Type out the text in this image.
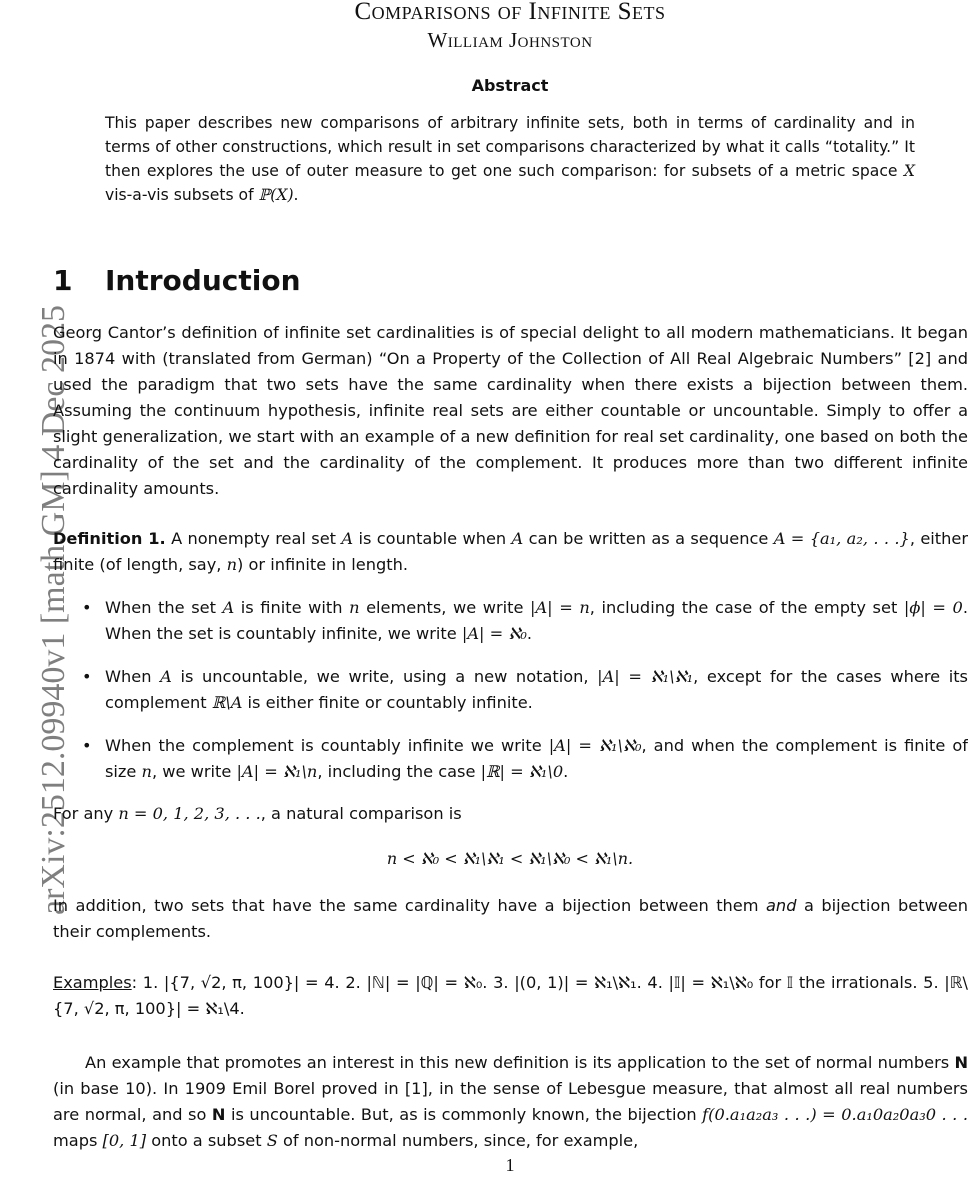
Comparisons of Infinite Sets
William Johnston
Abstract
This paper describes new comparisons of arbitrary infinite sets, both in terms of cardinality and in terms of other constructions, which result in set comparisons characterized by what it calls “totality.” It then explores the use of outer measure to get one such comparison: for subsets of a metric space X vis-a-vis subsets of ℙ(X).
arXiv:2512.09940v1 [math.GM] 4 Dec 2025
1 Introduction
Georg Cantor’s definition of infinite set cardinalities is of special delight to all modern mathematicians. It began in 1874 with (translated from German) “On a Property of the Collection of All Real Algebraic Numbers” [2] and used the paradigm that two sets have the same cardinality when there exists a bijection between them. Assuming the continuum hypothesis, infinite real sets are either countable or uncountable. Simply to offer a slight generalization, we start with an example of a new definition for real set cardinality, one based on both the cardinality of the set and the cardinality of the complement. It produces more than two different infinite cardinality amounts.
Definition 1. A nonempty real set A is countable when A can be written as a sequence A = {a₁, a₂, . . .}, either finite (of length, say, n) or infinite in length.
• When the set A is finite with n elements, we write |A| = n, including the case of the empty set |ϕ| = 0. When the set is countably infinite, we write |A| = ℵ₀.
• When A is uncountable, we write, using a new notation, |A| = ℵ₁\ℵ₁, except for the cases where its complement ℝ\A is either finite or countably infinite.
• When the complement is countably infinite we write |A| = ℵ₁\ℵ₀, and when the complement is finite of size n, we write |A| = ℵ₁\n, including the case |ℝ| = ℵ₁\0.
For any n = 0, 1, 2, 3, . . ., a natural comparison is
n < ℵ₀ < ℵ₁\ℵ₁ < ℵ₁\ℵ₀ < ℵ₁\n.
In addition, two sets that have the same cardinality have a bijection between them and a bijection between their complements.
Examples: 1. |{7, √2, π, 100}| = 4. 2. |ℕ| = |ℚ| = ℵ₀. 3. |(0, 1)| = ℵ₁\ℵ₁. 4. |𝕀| = ℵ₁\ℵ₀ for 𝕀 the irrationals. 5. |ℝ\{7, √2, π, 100}| = ℵ₁\4.
An example that promotes an interest in this new definition is its application to the set of normal numbers N (in base 10). In 1909 Emil Borel proved in [1], in the sense of Lebesgue measure, that almost all real numbers are normal, and so N is uncountable. But, as is commonly known, the bijection f(0.a₁a₂a₃ . . .) = 0.a₁0a₂0a₃0 . . . maps [0, 1] onto a subset S of non-normal numbers, since, for example,
1
